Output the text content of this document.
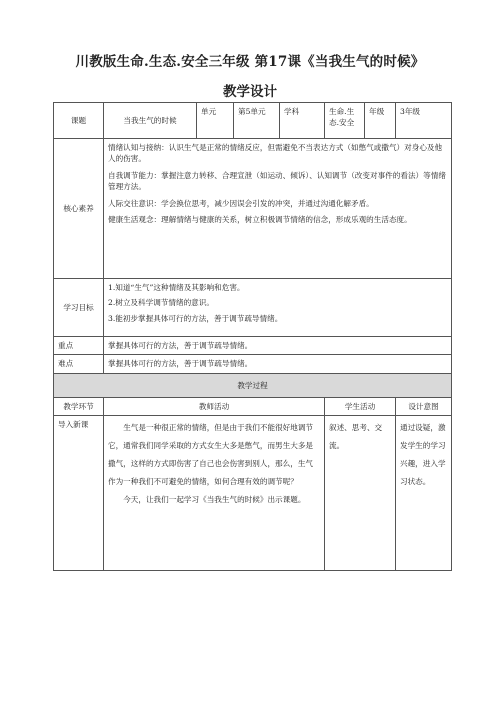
川教版生命.生态.安全三年级 第17课《当我生气的时候》
教学设计
课题	当我生气的时候	单元	第5单元	学科	生命.生态.安全	年级	3年级
核心素养	情绪认知与接纳：认识生气是正常的情绪反应，但需避免不当表达方式（如憋气或撒气）对身心及他人的伤害。

自我调节能力：掌握注意力转移、合理宣泄（如运动、倾诉）、认知调节（改变对事件的看法）等情绪管理方法。

人际交往意识：学会换位思考，减少因误会引发的冲突，并通过沟通化解矛盾。

健康生活观念：理解情绪与健康的关系，树立积极调节情绪的信念，形成乐观的生活态度。						

学习目标	1.知道“生气”这种情绪及其影响和危害。

2.树立及科学调节情绪的意识。

3.能初步掌握具体可行的方法，善于调节疏导情绪。						

重点	掌握具体可行的方法，善于调节疏导情绪。						
难点	掌握具体可行的方法，善于调节疏导情绪。						
教学过程							
教学环节	教师活动				学生活动		设计意图
导入新课	生气是一种很正常的情绪，但是由于我们不能很好地调节它，通常我们同学采取的方式女生大多是憋气，而男生大多是撒气，这样的方式即伤害了自己也会伤害到别人，那么，生气作为一种我们不可避免的情绪，如何合理有效的调节呢？
今天，让我们一起学习《当我生气的时候》出示课题。				叙述、思考、交流。		通过设疑，激发学生的学习兴趣，进入学习状态。
